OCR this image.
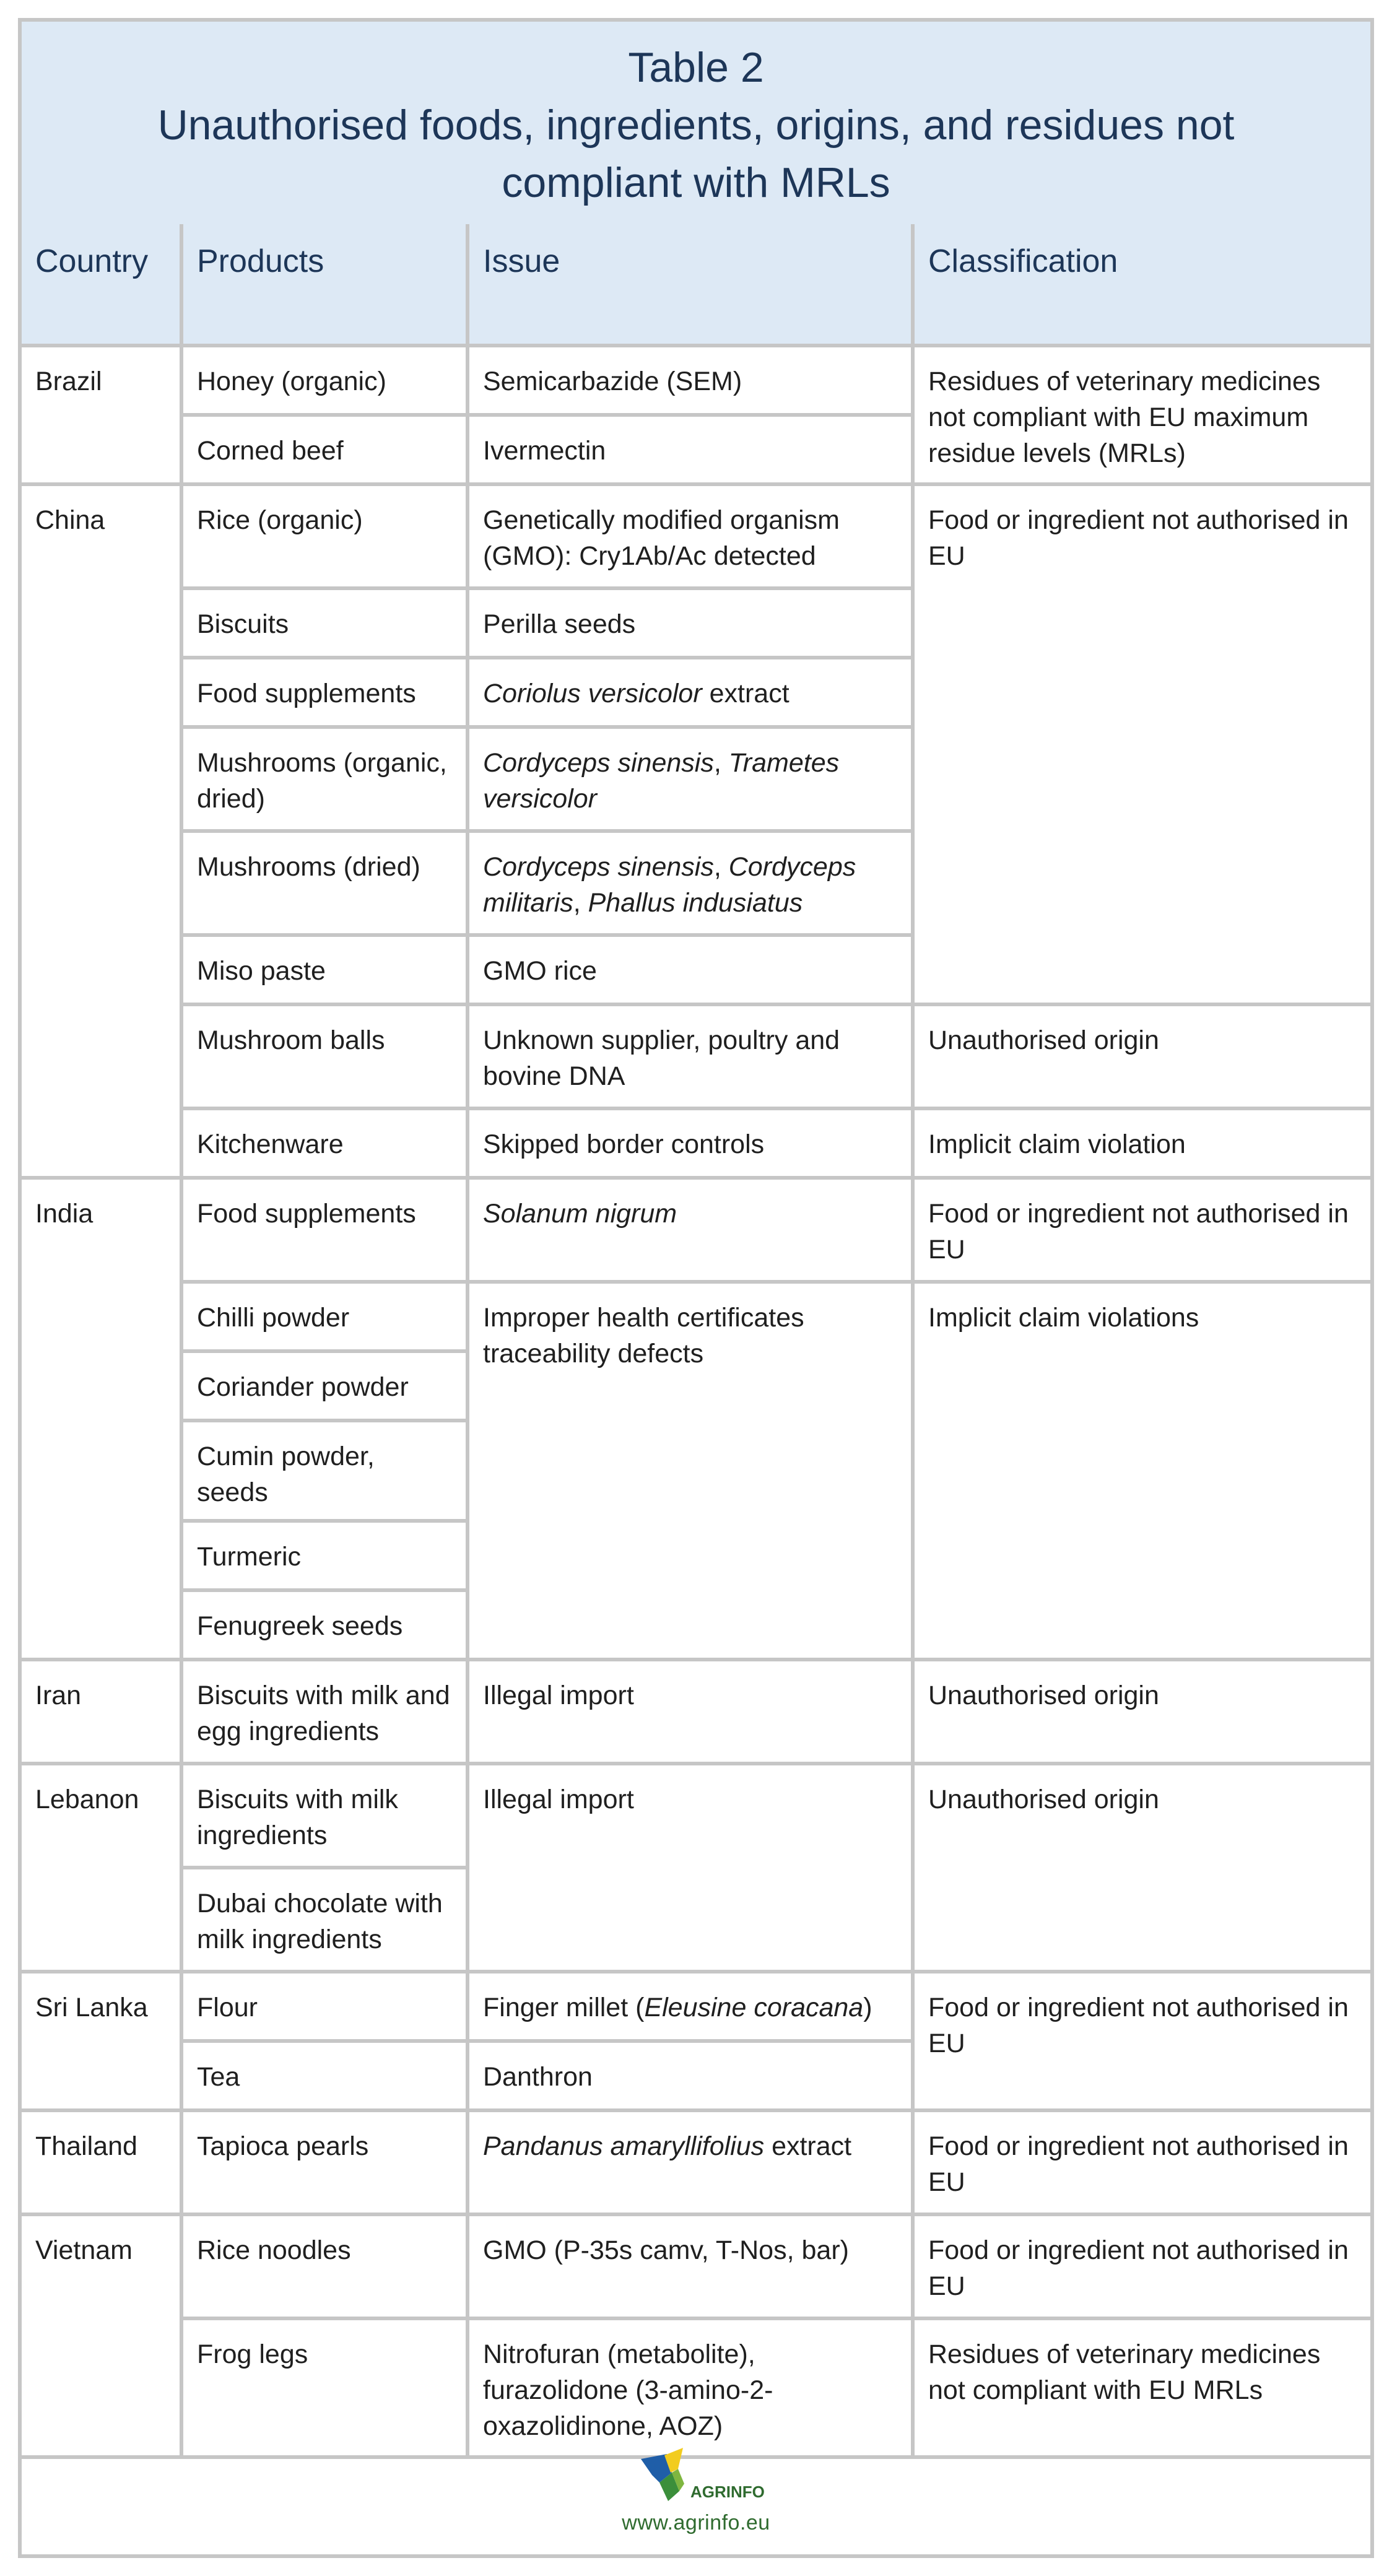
Table 2
Unauthorised foods, ingredients, origins, and residues not
compliant with MRLs
Country	Products	Issue	Classification
Brazil	Honey (organic)	Semicarbazide (SEM)	Residues of veterinary medicines not compliant with EU maximum residue levels (MRLs)
	Corned beef	Ivermectin	
China	Rice (organic)	Genetically modified organism (GMO): Cry1Ab/Ac detected	Food or ingredient not authorised in EU
	Biscuits	Perilla seeds	
	Food supplements	Coriolus versicolor extract	
	Mushrooms (organic, dried)	Cordyceps sinensis, Trametes versicolor	
	Mushrooms (dried)	Cordyceps sinensis, Cordyceps militaris, Phallus indusiatus	
	Miso paste	GMO rice	
	Mushroom balls	Unknown supplier, poultry and bovine DNA	Unauthorised origin
	Kitchenware	Skipped border controls	Implicit claim violation
India	Food supplements	Solanum nigrum	Food or ingredient not authorised in EU
	Chilli powder	Improper health certificates traceability defects	Implicit claim violations
	Coriander powder		
	Cumin powder, seeds		
	Turmeric		
	Fenugreek seeds		
Iran	Biscuits with milk and egg ingredients	Illegal import	Unauthorised origin
Lebanon	Biscuits with milk ingredients	Illegal import	Unauthorised origin
	Dubai chocolate with milk ingredients		
Sri Lanka	Flour	Finger millet (Eleusine coracana)	Food or ingredient not authorised in EU
	Tea	Danthron	
Thailand	Tapioca pearls	Pandanus amaryllifolius extract	Food or ingredient not authorised in EU
Vietnam	Rice noodles	GMO (P-35s camv, T-Nos, bar)	Food or ingredient not authorised in EU
	Frog legs	Nitrofuran (metabolite), furazolidone (3-amino-2-oxazolidinone, AOZ)	Residues of veterinary medicines not compliant with EU MRLs
AGRINFO
www.agrinfo.eu
